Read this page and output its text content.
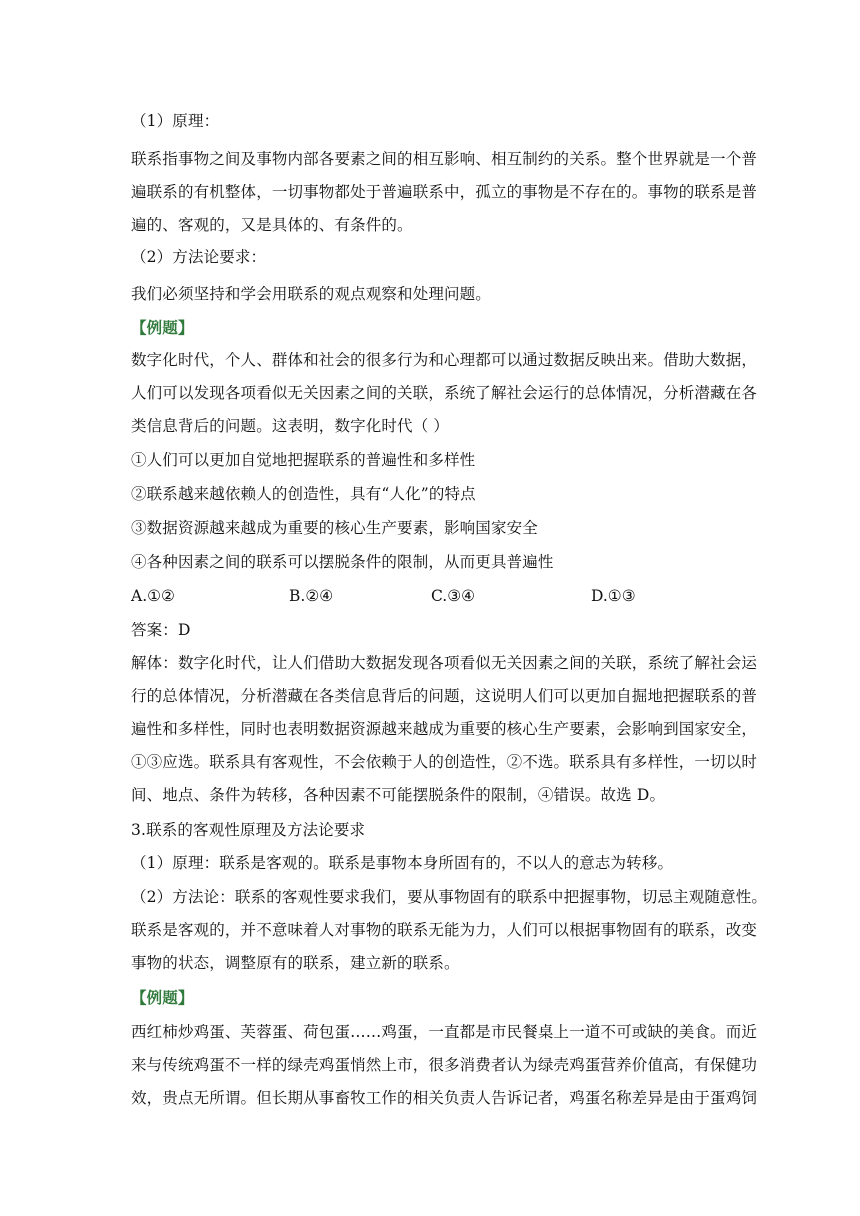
（1）原理：
联系指事物之间及事物内部各要素之间的相互影响、相互制约的关系。整个世界就是一个普
遍联系的有机整体，一切事物都处于普遍联系中，孤立的事物是不存在的。事物的联系是普
遍的、客观的，又是具体的、有条件的。
（2）方法论要求：
我们必须坚持和学会用联系的观点观察和处理问题。
【例题】
数字化时代，个人、群体和社会的很多行为和心理都可以通过数据反映出来。借助大数据，
人们可以发现各项看似无关因素之间的关联，系统了解社会运行的总体情况，分析潜藏在各
类信息背后的问题。这表明，数字化时代（ ）
①人们可以更加自觉地把握联系的普遍性和多样性
②联系越来越依赖人的创造性，具有“人化”的特点
③数据资源越来越成为重要的核心生产要素，影响国家安全
④各种因素之间的联系可以摆脱条件的限制，从而更具普遍性
A.①②	B.②④	C.③④	D.①③
答案：D
解体：数字化时代，让人们借助大数据发现各项看似无关因素之间的关联，系统了解社会运
行的总体情况，分析潜藏在各类信息背后的问题，这说明人们可以更加自掘地把握联系的普
遍性和多样性，同时也表明数据资源越来越成为重要的核心生产要素，会影响到国家安全，
①③应选。联系具有客观性，不会依赖于人的创造性，②不选。联系具有多样性，一切以时
间、地点、条件为转移，各种因素不可能摆脱条件的限制，④错误。故选 D。
3.联系的客观性原理及方法论要求
（1）原理：联系是客观的。联系是事物本身所固有的，不以人的意志为转移。
（2）方法论：联系的客观性要求我们，要从事物固有的联系中把握事物，切忌主观随意性。
联系是客观的，并不意味着人对事物的联系无能为力，人们可以根据事物固有的联系，改变
事物的状态，调整原有的联系，建立新的联系。
【例题】
西红柿炒鸡蛋、芙蓉蛋、荷包蛋……鸡蛋，一直都是市民餐桌上一道不可或缺的美食。而近
来与传统鸡蛋不一样的绿壳鸡蛋悄然上市，很多消费者认为绿壳鸡蛋营养价值高，有保健功
效，贵点无所谓。但长期从事畜牧工作的相关负责人告诉记者，鸡蛋名称差异是由于蛋鸡饲
